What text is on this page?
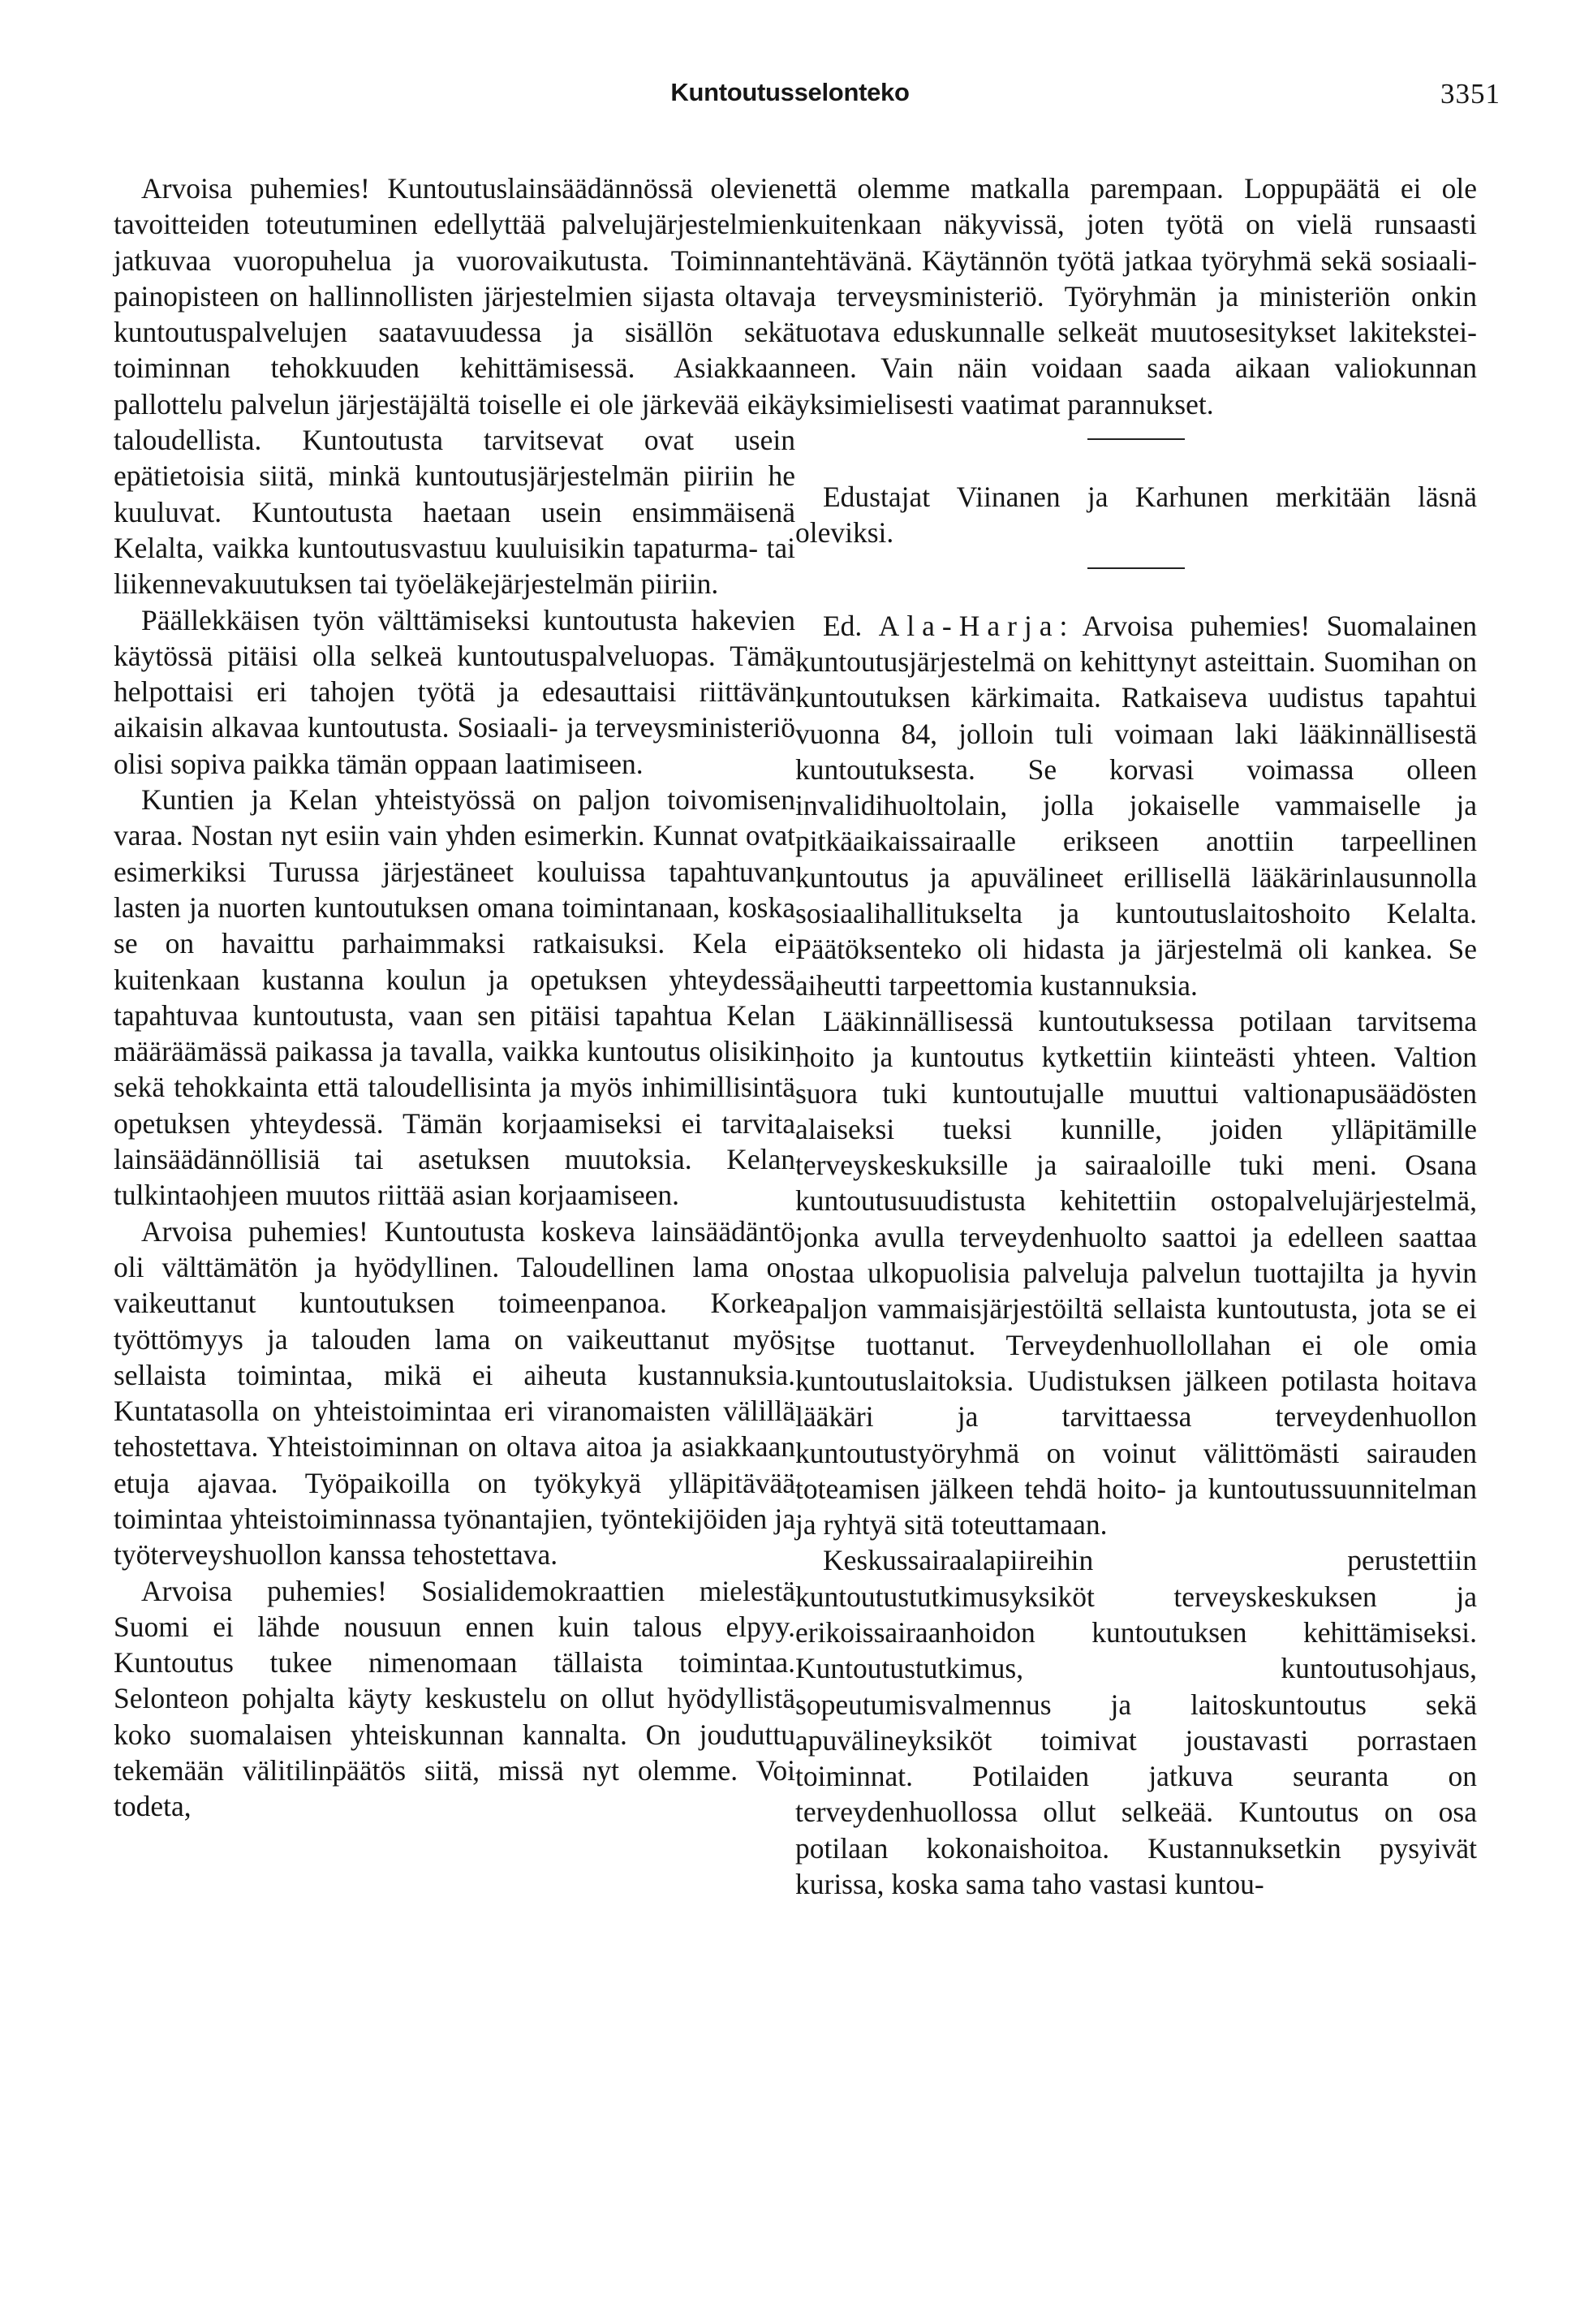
Kuntoutusselonteko	3351

Arvoisa puhemies! Kuntoutuslainsäädännössä olevien tavoitteiden toteutuminen edellyttää palvelujärjestelmien jatkuvaa vuoropuhelua ja vuorovaikutusta. Toiminnan painopisteen on hallinnollisten järjestelmien sijasta oltava kuntoutuspalvelujen saatavuudessa ja sisällön sekä toiminnan tehokkuuden kehittämisessä. Asiakkaan pallottelu palvelun järjestäjältä toiselle ei ole järkevää eikä taloudellista. Kuntoutusta tarvitsevat ovat usein epätietoisia siitä, minkä kuntoutusjärjestelmän piiriin he kuuluvat. Kuntoutusta haetaan usein ensimmäisenä Kelalta, vaikka kuntoutusvastuu kuuluisikin tapaturma- tai liikennevakuutuksen tai työeläkejärjestelmän piiriin.

Päällekkäisen työn välttämiseksi kuntoutusta hakevien käytössä pitäisi olla selkeä kuntoutuspalveluopas. Tämä helpottaisi eri tahojen työtä ja edesauttaisi riittävän aikaisin alkavaa kuntoutusta. Sosiaali- ja terveysministeriö olisi sopiva paikka tämän oppaan laatimiseen.

Kuntien ja Kelan yhteistyössä on paljon toivomisen varaa. Nostan nyt esiin vain yhden esimerkin. Kunnat ovat esimerkiksi Turussa järjestäneet kouluissa tapahtuvan lasten ja nuorten kuntoutuksen omana toimintanaan, koska se on havaittu parhaimmaksi ratkaisuksi. Kela ei kuitenkaan kustanna koulun ja opetuksen yhteydessä tapahtuvaa kuntoutusta, vaan sen pitäisi tapahtua Kelan määräämässä paikassa ja tavalla, vaikka kuntoutus olisikin sekä tehokkainta että taloudellisinta ja myös inhimillisintä opetuksen yhteydessä. Tämän korjaamiseksi ei tarvita lainsäädännöllisiä tai asetuksen muutoksia. Kelan tulkintaohjeen muutos riittää asian korjaamiseen.

Arvoisa puhemies! Kuntoutusta koskeva lainsäädäntö oli välttämätön ja hyödyllinen. Taloudellinen lama on vaikeuttanut kuntoutuksen toimeenpanoa. Korkea työttömyys ja talouden lama on vaikeuttanut myös sellaista toimintaa, mikä ei aiheuta kustannuksia. Kuntatasolla on yhteistoimintaa eri viranomaisten välillä tehostettava. Yhteistoiminnan on oltava aitoa ja asiakkaan etuja ajavaa. Työpaikoilla on työkykyä ylläpitävää toimintaa yhteistoiminnassa työnantajien, työntekijöiden ja työterveyshuollon kanssa tehostettava.

Arvoisa puhemies! Sosialidemokraattien mielestä Suomi ei lähde nousuun ennen kuin talous elpyy. Kuntoutus tukee nimenomaan tällaista toimintaa. Selonteon pohjalta käyty keskustelu on ollut hyödyllistä koko suomalaisen yhteiskunnan kannalta. On jouduttu tekemään välitilinpäätös siitä, missä nyt olemme. Voi todeta,

että olemme matkalla parempaan. Loppupäätä ei ole kuitenkaan näkyvissä, joten työtä on vielä runsaasti tehtävänä. Käytännön työtä jatkaa työryhmä sekä sosiaali- ja terveysministeriö. Työryhmän ja ministeriön onkin tuotava eduskunnalle selkeät muutosesitykset lakiteksteineen. Vain näin voidaan saada aikaan valiokunnan yksimielisesti vaatimat parannukset.

Edustajat Viinanen ja Karhunen merkitään läsnä oleviksi.

Ed. Ala-Harja: Arvoisa puhemies! Suomalainen kuntoutusjärjestelmä on kehittynyt asteittain. Suomihan on kuntoutuksen kärkimaita. Ratkaiseva uudistus tapahtui vuonna 84, jolloin tuli voimaan laki lääkinnällisestä kuntoutuksesta. Se korvasi voimassa olleen invalidihuoltolain, jolla jokaiselle vammaiselle ja pitkäaikaissairaalle erikseen anottiin tarpeellinen kuntoutus ja apuvälineet erillisellä lääkärinlausunnolla sosiaalihallitukselta ja kuntoutuslaitoshoito Kelalta. Päätöksenteko oli hidasta ja järjestelmä oli kankea. Se aiheutti tarpeettomia kustannuksia.

Lääkinnällisessä kuntoutuksessa potilaan tarvitsema hoito ja kuntoutus kytkettiin kiinteästi yhteen. Valtion suora tuki kuntoutujalle muuttui valtionapusäädösten alaiseksi tueksi kunnille, joiden ylläpitämille terveyskeskuksille ja sairaaloille tuki meni. Osana kuntoutusuudistusta kehitettiin ostopalvelujärjestelmä, jonka avulla terveydenhuolto saattoi ja edelleen saattaa ostaa ulkopuolisia palveluja palvelun tuottajilta ja hyvin paljon vammaisjärjestöiltä sellaista kuntoutusta, jota se ei itse tuottanut. Terveydenhuollollahan ei ole omia kuntoutuslaitoksia. Uudistuksen jälkeen potilasta hoitava lääkäri ja tarvittaessa terveydenhuollon kuntoutustyöryhmä on voinut välittömästi sairauden toteamisen jälkeen tehdä hoito- ja kuntoutussuunnitelman ja ryhtyä sitä toteuttamaan.

Keskussairaalapiireihin perustettiin kuntoutustutkimusyksiköt terveyskeskuksen ja erikoissairaanhoidon kuntoutuksen kehittämiseksi. Kuntoutustutkimus, kuntoutusohjaus, sopeutumisvalmennus ja laitoskuntoutus sekä apuvälineyksiköt toimivat joustavasti porrastaen toiminnat. Potilaiden jatkuva seuranta on terveydenhuollossa ollut selkeää. Kuntoutus on osa potilaan kokonaishoitoa. Kustannuksetkin pysyivät kurissa, koska sama taho vastasi kuntou-
